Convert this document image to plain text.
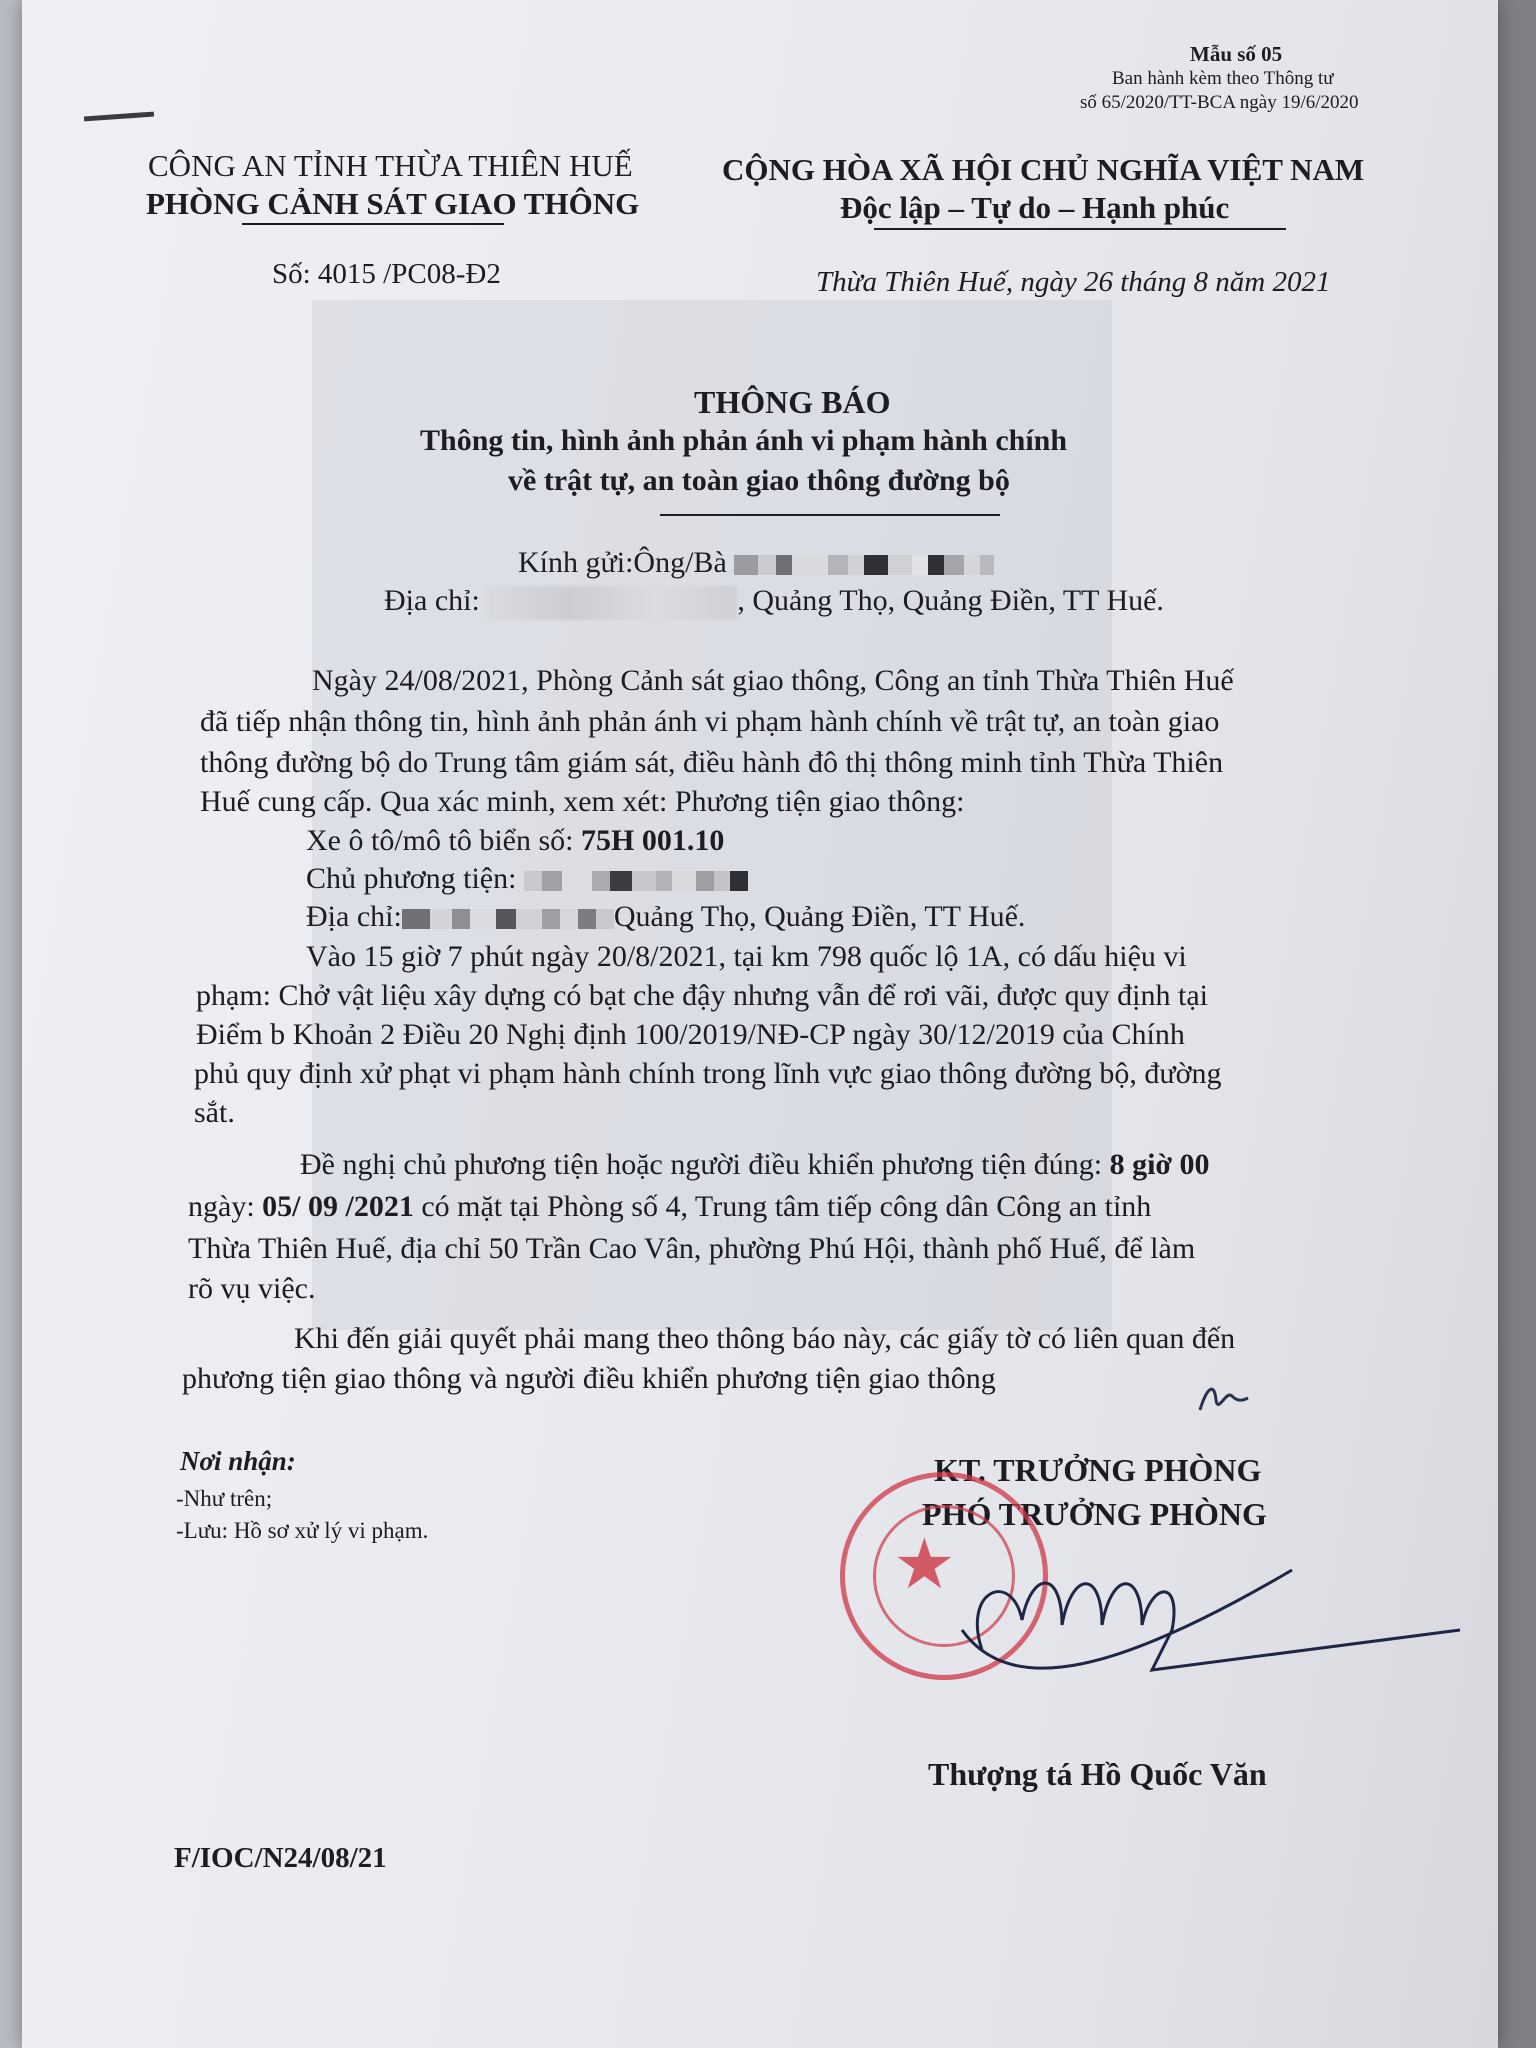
Mẫu số 05
Ban hành kèm theo Thông tư
số 65/2020/TT-BCA ngày 19/6/2020
CÔNG AN TỈNH THỪA THIÊN HUẾ
PHÒNG CẢNH SÁT GIAO THÔNG
Số: 4015 /PC08-Đ2
CỘNG HÒA XÃ HỘI CHỦ NGHĨA VIỆT NAM
Độc lập – Tự do – Hạnh phúc
Thừa Thiên Huế, ngày 26 tháng 8 năm 2021
THÔNG BÁO
Thông tin, hình ảnh phản ánh vi phạm hành chính
về trật tự, an toàn giao thông đường bộ
Kính gửi:Ông/Bà
Địa chỉ:	, Quảng Thọ, Quảng Điền, TT Huế.
Ngày 24/08/2021, Phòng Cảnh sát giao thông, Công an tỉnh Thừa Thiên Huế
đã tiếp nhận thông tin, hình ảnh phản ánh vi phạm hành chính về trật tự, an toàn giao
thông đường bộ do Trung tâm giám sát, điều hành đô thị thông minh tỉnh Thừa Thiên
Huế cung cấp. Qua xác minh, xem xét: Phương tiện giao thông:
Xe ô tô/mô tô biển số: 75H 001.10
Chủ phương tiện:
Địa chỉ:	Quảng Thọ, Quảng Điền, TT Huế.
Vào 15 giờ 7 phút ngày 20/8/2021, tại km 798 quốc lộ 1A, có dấu hiệu vi
phạm: Chở vật liệu xây dựng có bạt che đậy nhưng vẫn để rơi vãi, được quy định tại
Điểm b Khoản 2 Điều 20 Nghị định 100/2019/NĐ-CP ngày 30/12/2019 của Chính
phủ quy định xử phạt vi phạm hành chính trong lĩnh vực giao thông đường bộ, đường
sắt.
Đề nghị chủ phương tiện hoặc người điều khiển phương tiện đúng: 8 giờ 00
ngày: 05/ 09 /2021 có mặt tại Phòng số 4, Trung tâm tiếp công dân Công an tỉnh
Thừa Thiên Huế, địa chỉ 50 Trần Cao Vân, phường Phú Hội, thành phố Huế, để làm
rõ vụ việc.
Khi đến giải quyết phải mang theo thông báo này, các giấy tờ có liên quan đến
phương tiện giao thông và người điều khiển phương tiện giao thông
Nơi nhận:
-Như trên;
-Lưu: Hồ sơ xử lý vi phạm.
KT. TRƯỞNG PHÒNG
PHÓ TRƯỞNG PHÒNG
★
Thượng tá Hồ Quốc Văn
F/IOC/N24/08/21
